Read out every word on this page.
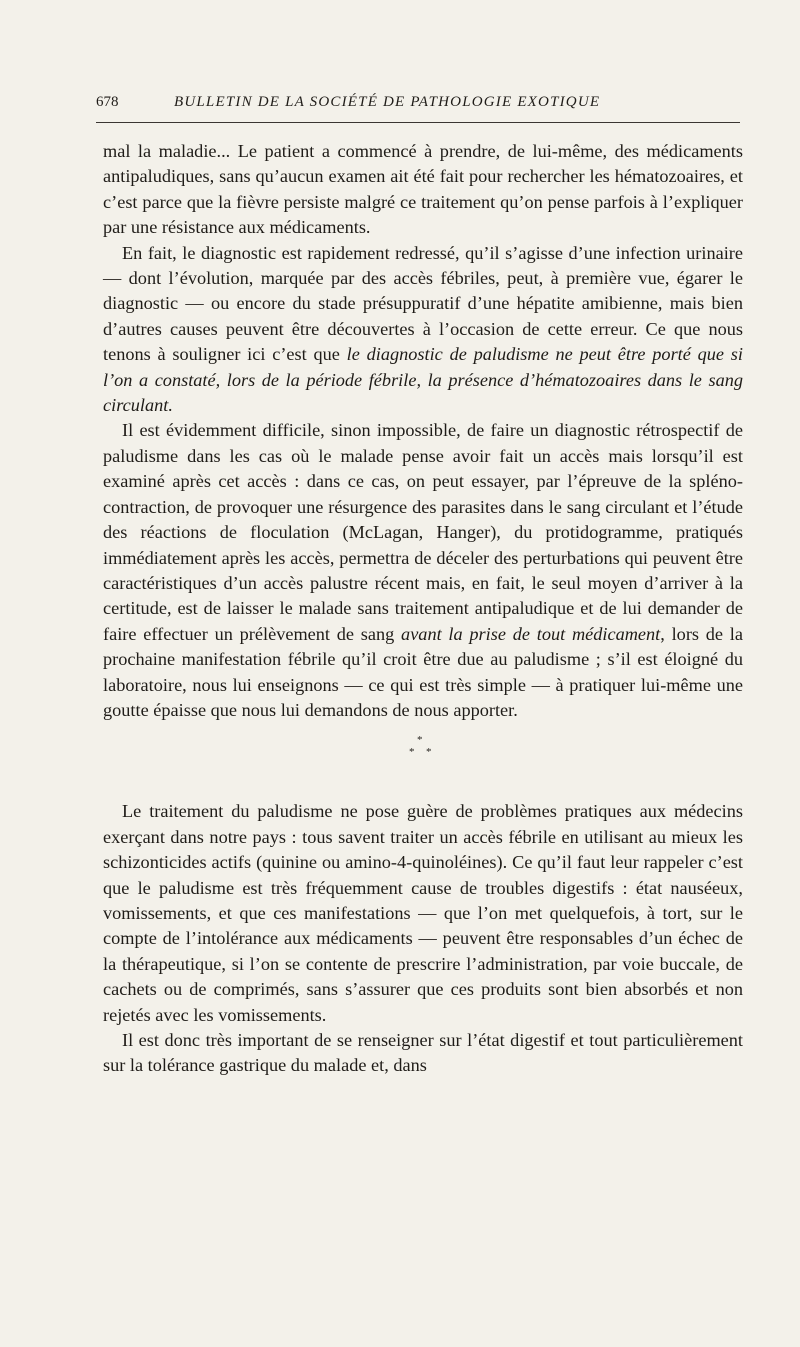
678	BULLETIN DE LA SOCIÉTÉ DE PATHOLOGIE EXOTIQUE

mal la maladie... Le patient a commencé à prendre, de lui-même, des médicaments antipaludiques, sans qu’aucun examen ait été fait pour rechercher les hématozoaires, et c’est parce que la fièvre persiste malgré ce traitement qu’on pense parfois à l’expliquer par une résistance aux médicaments.

En fait, le diagnostic est rapidement redressé, qu’il s’agisse d’une infection urinaire — dont l’évolution, marquée par des accès fébriles, peut, à première vue, égarer le diagnostic — ou encore du stade présuppuratif d’une hépatite amibienne, mais bien d’autres causes peuvent être découvertes à l’occasion de cette erreur. Ce que nous tenons à souligner ici c’est que le diagnostic de paludisme ne peut être porté que si l’on a constaté, lors de la période fébrile, la présence d’hématozoaires dans le sang circulant.

Il est évidemment difficile, sinon impossible, de faire un diagnostic rétrospectif de paludisme dans les cas où le malade pense avoir fait un accès mais lorsqu’il est examiné après cet accès : dans ce cas, on peut essayer, par l’épreuve de la spléno-contraction, de provoquer une résurgence des parasites dans le sang circulant et l’étude des réactions de floculation (McLagan, Hanger), du protidogramme, pratiqués immédiatement après les accès, permettra de déceler des perturbations qui peuvent être caractéristiques d’un accès palustre récent mais, en fait, le seul moyen d’arriver à la certitude, est de laisser le malade sans traitement antipaludique et de lui demander de faire effectuer un prélèvement de sang avant la prise de tout médicament, lors de la prochaine manifestation fébrile qu’il croit être due au paludisme ; s’il est éloigné du laboratoire, nous lui enseignons — ce qui est très simple — à pratiquer lui-même une goutte épaisse que nous lui demandons de nous apporter.

*
* *

Le traitement du paludisme ne pose guère de problèmes pratiques aux médecins exerçant dans notre pays : tous savent traiter un accès fébrile en utilisant au mieux les schizonticides actifs (quinine ou amino-4-quinoléines). Ce qu’il faut leur rappeler c’est que le paludisme est très fréquemment cause de troubles digestifs : état nauséeux, vomissements, et que ces manifestations — que l’on met quelquefois, à tort, sur le compte de l’intolérance aux médicaments — peuvent être responsables d’un échec de la thérapeutique, si l’on se contente de prescrire l’administration, par voie buccale, de cachets ou de comprimés, sans s’assurer que ces produits sont bien absorbés et non rejetés avec les vomissements.

Il est donc très important de se renseigner sur l’état digestif et tout particulièrement sur la tolérance gastrique du malade et, dans
